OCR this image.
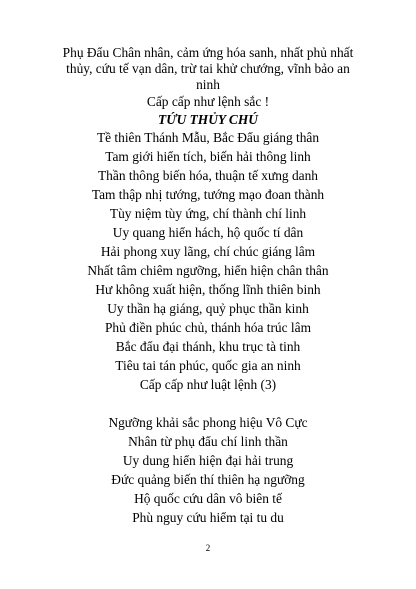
Phụ Đẩu Chân nhân, cảm ứng hóa sanh, nhất phủ nhất
thủy, cứu tế vạn dân, trừ tai khử chướng, vĩnh bảo an
ninh
Cấp cấp như lệnh sắc !
TỨU THỦY CHÚ
Tề thiên Thánh Mẫu, Bắc Đẩu giáng thân
Tam giới hiển tích, biến hải thông linh
Thần thông biến hóa, thuận tế xưng danh
Tam thập nhị tướng, tướng mạo đoan thành
Tùy niệm tùy ứng, chí thành chí linh
Uy quang hiển hách, hộ quốc tí dân
Hải phong xuy lãng, chí chúc giáng lâm
Nhất tâm chiêm ngưỡng, hiển hiện chân thân
Hư không xuất hiện, thống lĩnh thiên binh
Uy thần hạ giáng, quỷ phục thần kinh
Phủ điền phúc chủ, thánh hóa trúc lâm
Bắc đẩu đại thánh, khu trục tà tinh
Tiêu tai tán phúc, quốc gia an ninh
Cấp cấp như luật lệnh (3)
Ngưỡng khải sắc phong hiệu Vô Cực
Nhân từ phụ đẩu chí linh thần
Uy dung hiển hiện đại hải trung
Đức quảng biến thí thiên hạ ngưỡng
Hộ quốc cứu dân vô biên tế
Phù nguy cứu hiểm tại tu du
2
